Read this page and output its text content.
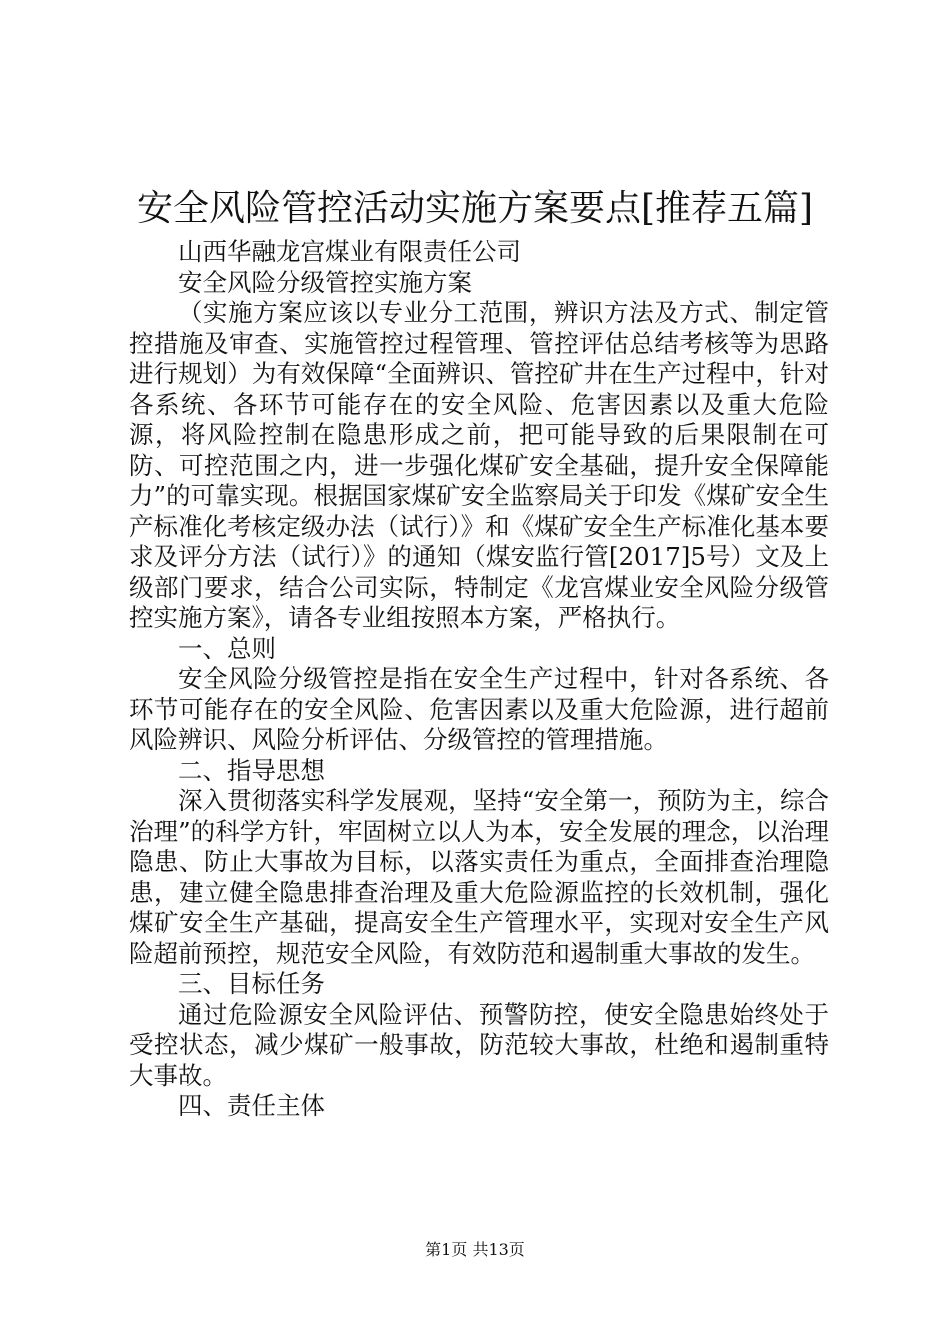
安全风险管控活动实施方案要点[推荐五篇]

山西华融龙宫煤业有限责任公司

安全风险分级管控实施方案

（实施方案应该以专业分工范围，辨识方法及方式、制定管控措施及审查、实施管控过程管理、管控评估总结考核等为思路进行规划）为有效保障“全面辨识、管控矿井在生产过程中，针对各系统、各环节可能存在的安全风险、危害因素以及重大危险源，将风险控制在隐患形成之前，把可能导致的后果限制在可防、可控范围之内，进一步强化煤矿安全基础，提升安全保障能力”的可靠实现。根据国家煤矿安全监察局关于印发《煤矿安全生产标准化考核定级办法（试行）》和《煤矿安全生产标准化基本要求及评分方法（试行）》的通知（煤安监行管[2017]5号）文及上级部门要求，结合公司实际，特制定《龙宫煤业安全风险分级管控实施方案》，请各专业组按照本方案，严格执行。

一、总则

安全风险分级管控是指在安全生产过程中，针对各系统、各环节可能存在的安全风险、危害因素以及重大危险源，进行超前风险辨识、风险分析评估、分级管控的管理措施。

二、指导思想

深入贯彻落实科学发展观，坚持“安全第一，预防为主，综合治理”的科学方针，牢固树立以人为本，安全发展的理念，以治理隐患、防止大事故为目标，以落实责任为重点，全面排查治理隐患，建立健全隐患排查治理及重大危险源监控的长效机制，强化煤矿安全生产基础，提高安全生产管理水平，实现对安全生产风险超前预控，规范安全风险，有效防范和遏制重大事故的发生。

三、目标任务

通过危险源安全风险评估、预警防控，使安全隐患始终处于受控状态，减少煤矿一般事故，防范较大事故，杜绝和遏制重特大事故。

四、责任主体

第1页 共13页
